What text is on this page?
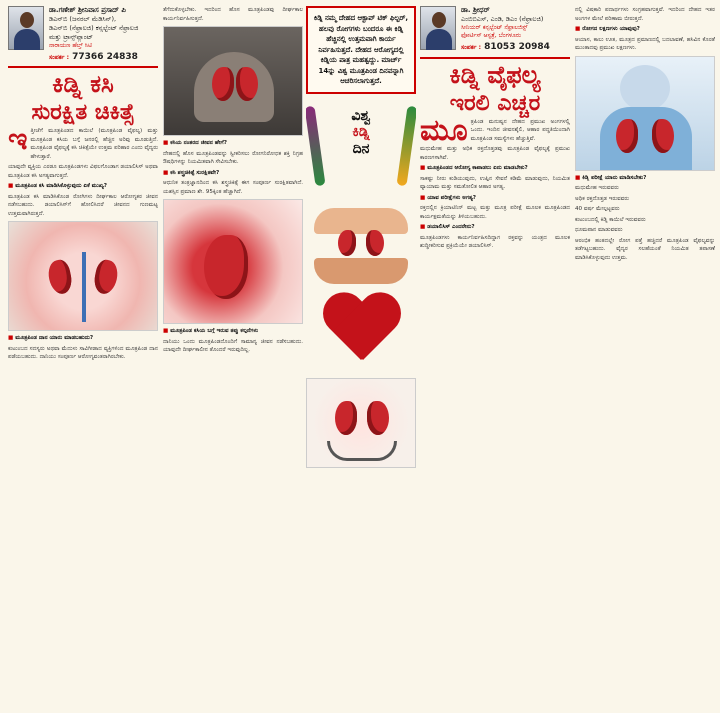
ಡಾ.ಗಣೇಶ್ ಶ್ರೀನಿವಾಸ ಪ್ರಸಾದ್ ಪಿ
ಡಿಎನ್‌ಬಿ (ಜನರಲ್ ಮೆಡಿಸಿನ್),
ಡಿಎನ್‌ಬಿ (ನೆಫ್ರಾಲಜಿ) ಕನ್ಸಲ್ಟೆಂಟ್ ನೆಫ್ರಾಲಜಿ
ಮತ್ತು ಟ್ರಾನ್ಸ್‌ಪ್ಲಾಂಟ್
ನಾರಾಯಣ ಹೆಲ್ತ್ ಸಿಟಿ
ಸಂಪರ್ಕ : 77366 24838
ಕಿಡ್ನಿ ಕಸಿ
ಸುರಕ್ಷಿತ ಚಿಕಿತ್ಸೆ

ಇತ್ತೀಚೆಗೆ ಮೂತ್ರಪಿಂಡದ ಕಾಯಿಲೆ (ಮೂತ್ರಪಿಂಡ ವೈಫಲ್ಯ) ಮತ್ತು ಮೂತ್ರಪಿಂಡ ಕಸಿಯ ಬಗ್ಗೆ ಜನರಲ್ಲಿ ಹೆಚ್ಚಿನ ಅರಿವು ಮೂಡುತ್ತಿದೆ. ಮೂತ್ರಪಿಂಡ ವೈಫಲ್ಯಕ್ಕೆ ಕಸಿ ಚಿಕಿತ್ಸೆಯೇ ಉತ್ತಮ ಪರಿಹಾರ ಎಂದು ವೈದ್ಯರು ಹೇಳುತ್ತಾರೆ.

ಯಾವುದೇ ವ್ಯಕ್ತಿಯ ಎರಡೂ ಮೂತ್ರಪಿಂಡಗಳು ವಿಫಲಗೊಂಡಾಗ ಡಯಾಲಿಸಿಸ್ ಅಥವಾ ಮೂತ್ರಪಿಂಡ ಕಸಿ ಅಗತ್ಯವಾಗುತ್ತದೆ.

■ ಮೂತ್ರಪಿಂಡ ಕಸಿ ಮಾಡಿಸಿಕೊಳ್ಳುವುದು ಏಕೆ ಮುಖ್ಯ?

ಮೂತ್ರಪಿಂಡ ಕಸಿ ಮಾಡಿಸಿಕೊಂಡ ರೋಗಿಗಳು ದೀರ್ಘಕಾಲ ಆರೋಗ್ಯಕರ ಜೀವನ ನಡೆಸಬಹುದು. ಡಯಾಲಿಸಿಸ್‌ಗೆ ಹೋಲಿಸಿದರೆ ಜೀವನದ ಗುಣಮಟ್ಟ ಉತ್ತಮವಾಗಿರುತ್ತದೆ.

■ ಮೂತ್ರಪಿಂಡ ದಾನ ಯಾರು ಮಾಡಬಹುದು?

ಕುಟುಂಬದ ಸದಸ್ಯರು ಅಥವಾ ಮೆದುಳು ಸಾವಿಗೀಡಾದ ವ್ಯಕ್ತಿಗಳಿಂದ ಮೂತ್ರಪಿಂಡ ದಾನ ಪಡೆಯಬಹುದು. ದಾನಿಯು ಸಂಪೂರ್ಣ ಆರೋಗ್ಯವಂತರಾಗಿರಬೇಕು.

ತೆಗೆದುಕೊಳ್ಳಬೇಕು. ಇದರಿಂದ ಹೊಸ ಮೂತ್ರಪಿಂಡವು ದೀರ್ಘಕಾಲ ಕಾರ್ಯನಿರ್ವಹಿಸುತ್ತದೆ.

■ ಕಸಿಯ ನಂತರದ ಜೀವನ ಹೇಗೆ?

ದೇಹದಲ್ಲಿ ಹೊಸ ಮೂತ್ರಪಿಂಡವನ್ನು ಸ್ವೀಕರಿಸಲು ರೋಗನಿರೋಧಕ ಶಕ್ತಿ ನಿಗ್ರಹ ಔಷಧಿಗಳನ್ನು ನಿಯಮಿತವಾಗಿ ಸೇವಿಸಬೇಕು.

■ ಕಸಿ ಶಸ್ತ್ರಚಿಕಿತ್ಸೆ ಸುರಕ್ಷಿತವೇ?

ಆಧುನಿಕ ತಂತ್ರಜ್ಞಾನದಿಂದ ಕಸಿ ಶಸ್ತ್ರಚಿಕಿತ್ಸೆ ಈಗ ಸಂಪೂರ್ಣ ಸುರಕ್ಷಿತವಾಗಿದೆ. ಯಶಸ್ಸಿನ ಪ್ರಮಾಣ ಶೇ. 95ಕ್ಕಿಂತ ಹೆಚ್ಚಾಗಿದೆ.

■ ಮೂತ್ರಪಿಂಡ ಕಸಿಯ ಬಗ್ಗೆ ಇರುವ ತಪ್ಪು ಕಲ್ಪನೆಗಳು

ದಾನಿಯು ಒಂದು ಮೂತ್ರಪಿಂಡದೊಂದಿಗೆ ಸಾಮಾನ್ಯ ಜೀವನ ನಡೆಸಬಹುದು. ಯಾವುದೇ ದೀರ್ಘಕಾಲೀನ ತೊಂದರೆ ಇರುವುದಿಲ್ಲ.

ಕಿಡ್ನಿ ನಮ್ಮ ದೇಹದ ಆಕ್ಟಾಪ್ ಟಿಕ್ ಫಿಲ್ಟರ್, ಹಲವು ರೋಗಗಳು ಬಂದರೂ ಈ ಕಿಡ್ನಿ ಹೆಚ್ಚಿನಲ್ಲಿ ಉತ್ತಮವಾಗಿ ಕಾರ್ಯ ನಿರ್ವಹಿಸುತ್ತದೆ. ದೇಹದ ಆರೋಗ್ಯದಲ್ಲಿ ಕಿಡ್ನಿಯ ಪಾತ್ರ ಮಹತ್ವದ್ದು. ಮಾರ್ಚ್ 14ನ್ನು ವಿಶ್ವ ಮೂತ್ರಪಿಂಡ ದಿನವನ್ನಾಗಿ ಆಚರಿಸಲಾಗುತ್ತದೆ.
ವಿಶ್ವ
ಕಿಡ್ನಿ
ದಿನ
ಡಾ. ಶ್ರೀಧರ್
ಎಂಬಿಬಿಎಸ್, ಎಂಡಿ, ಡಿಎಂ (ನೆಫ್ರಾಲಜಿ)
ಸೀನಿಯರ್ ಕನ್ಸಲ್ಟೆಂಟ್ ನೆಫ್ರಾಲಜಿಸ್ಟ್
ಫೋರ್ಟಿಸ್ ಆಸ್ಪತ್ರೆ, ಬೆಂಗಳೂರು
ಸಂಪರ್ಕ : 81053 20984
ಕಿಡ್ನಿ ವೈಫಲ್ಯ
ಇರಲಿ ಎಚ್ಚರ

ಮೂತ್ರಪಿಂಡ ಮನುಷ್ಯನ ದೇಹದ ಪ್ರಮುಖ ಅಂಗಗಳಲ್ಲಿ ಒಂದು. ಇಂದಿನ ಜೀವನಶೈಲಿ, ಆಹಾರ ಪದ್ಧತಿಯಿಂದಾಗಿ ಮೂತ್ರಪಿಂಡ ಸಮಸ್ಯೆಗಳು ಹೆಚ್ಚುತ್ತಿವೆ.

ಮಧುಮೇಹ ಮತ್ತು ಅಧಿಕ ರಕ್ತದೊತ್ತಡವು ಮೂತ್ರಪಿಂಡ ವೈಫಲ್ಯಕ್ಕೆ ಪ್ರಮುಖ ಕಾರಣಗಳಾಗಿವೆ.

■ ಮೂತ್ರಪಿಂಡದ ಆರೋಗ್ಯ ಕಾಪಾಡಲು ಏನು ಮಾಡಬೇಕು?

ಸಾಕಷ್ಟು ನೀರು ಕುಡಿಯುವುದು, ಉಪ್ಪಿನ ಸೇವನೆ ಕಡಿಮೆ ಮಾಡುವುದು, ನಿಯಮಿತ ವ್ಯಾಯಾಮ ಮತ್ತು ಸಮತೋಲಿತ ಆಹಾರ ಅಗತ್ಯ.

■ ಯಾವ ಪರೀಕ್ಷೆಗಳು ಅಗತ್ಯ?

ರಕ್ತದಲ್ಲಿನ ಕ್ರಿಯಾಟಿನಿನ್ ಮಟ್ಟ ಮತ್ತು ಮೂತ್ರ ಪರೀಕ್ಷೆ ಮೂಲಕ ಮೂತ್ರಪಿಂಡದ ಕಾರ್ಯಕ್ಷಮತೆಯನ್ನು ತಿಳಿಯಬಹುದು.

■ ಡಯಾಲಿಸಿಸ್ ಎಂದರೇನು?

ಮೂತ್ರಪಿಂಡಗಳು ಕಾರ್ಯನಿರ್ವಹಿಸದಿದ್ದಾಗ ರಕ್ತವನ್ನು ಯಂತ್ರದ ಮೂಲಕ ಶುದ್ಧೀಕರಿಸುವ ಪ್ರಕ್ರಿಯೆಯೇ ಡಯಾಲಿಸಿಸ್.

ನಲ್ಲಿ ವಿಷಕಾರಿ ಪದಾರ್ಥಗಳು ಸಂಗ್ರಹವಾಗುತ್ತವೆ. ಇದರಿಂದ ದೇಹದ ಇತರ ಅಂಗಗಳ ಮೇಲೆ ಪರಿಣಾಮ ಬೀರುತ್ತದೆ.

■ ರೋಗದ ಲಕ್ಷಣಗಳು ಯಾವುವು?

ಆಯಾಸ, ಕಾಲು ಊತ, ಮೂತ್ರದ ಪ್ರಮಾಣದಲ್ಲಿ ಬದಲಾವಣೆ, ಹಸಿವಿನ ಕೊರತೆ ಮುಂತಾದವು ಪ್ರಮುಖ ಲಕ್ಷಣಗಳು.

■ ಕಿಡ್ನಿ ಪರೀಕ್ಷೆ ಯಾರು ಮಾಡಿಸಬೇಕು?

ಮಧುಮೇಹ ಇರುವವರು

ಅಧಿಕ ರಕ್ತದೊತ್ತಡ ಇರುವವರು

40 ವರ್ಷ ಮೇಲ್ಪಟ್ಟವರು

ಕುಟುಂಬದಲ್ಲಿ ಕಿಡ್ನಿ ಕಾಯಿಲೆ ಇರುವವರು

ಧೂಮಪಾನ ಮಾಡುವವರು

ಆರಂಭಿಕ ಹಂತದಲ್ಲೇ ರೋಗ ಪತ್ತೆ ಹಚ್ಚಿದರೆ ಮೂತ್ರಪಿಂಡ ವೈಫಲ್ಯವನ್ನು ತಡೆಗಟ್ಟಬಹುದು. ವೈದ್ಯರ ಸಲಹೆಯಂತೆ ನಿಯಮಿತ ತಪಾಸಣೆ ಮಾಡಿಸಿಕೊಳ್ಳುವುದು ಉತ್ತಮ.
